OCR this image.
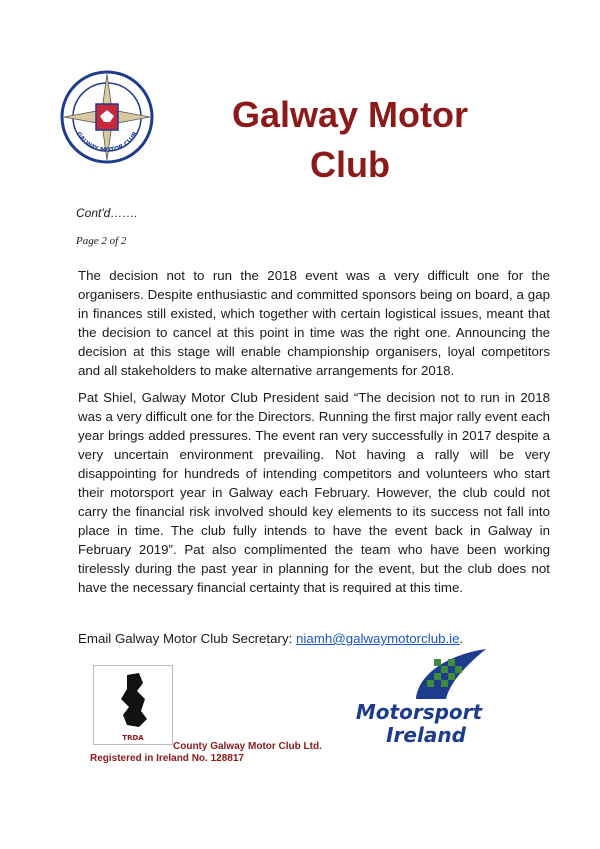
GALWAY MOTOR CLUB	Galway Motor
Club
Cont'd…….
Page 2 of 2

The decision not to run the 2018 event was a very difficult one for the organisers. Despite enthusiastic and committed sponsors being on board, a gap in finances still existed, which together with certain logistical issues, meant that the decision to cancel at this point in time was the right one. Announcing the decision at this stage will enable championship organisers, loyal competitors and all stakeholders to make alternative arrangements for 2018.

Pat Shiel, Galway Motor Club President said “The decision not to run in 2018 was a very difficult one for the Directors. Running the first major rally event each year brings added pressures. The event ran very successfully in 2017 despite a very uncertain environment prevailing. Not having a rally will be very disappointing for hundreds of intending competitors and volunteers who start their motorsport year in Galway each February. However, the club could not carry the financial risk involved should key elements to its success not fall into place in time. The club fully intends to have the event back in Galway in February 2019”. Pat also complimented the team who have been working tirelessly during the past year in planning for the event, but the club does not have the necessary financial certainty that is required at this time.

Email Galway Motor Club Secretary: niamh@galwaymotorclub.ie.
TRDA
Motorsport
Ireland
County Galway Motor Club Ltd.
Registered in Ireland No. 128817
